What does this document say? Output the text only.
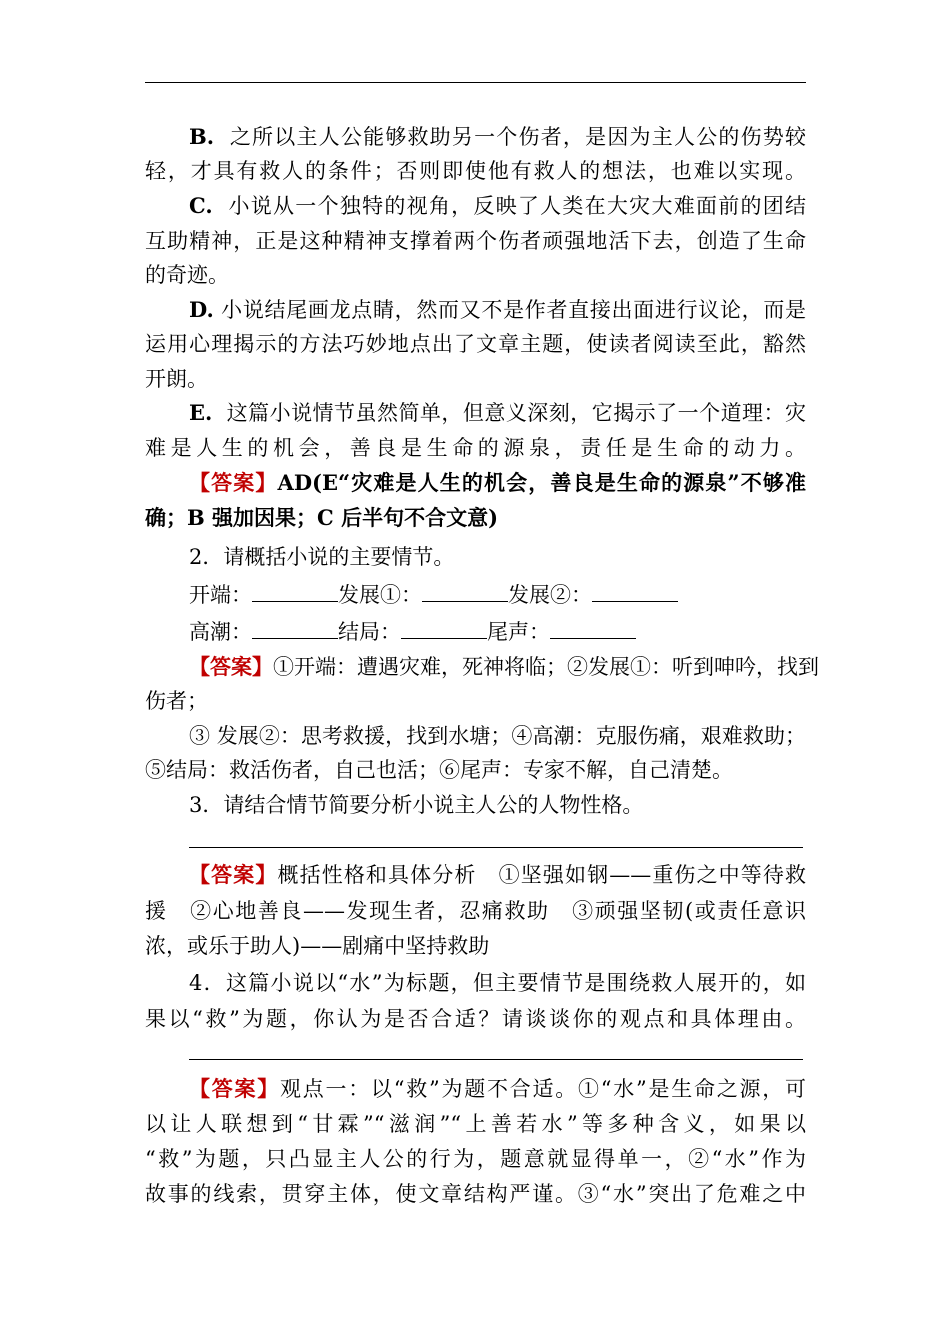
B. 之所以主人公能够救助另一个伤者，是因为主人公的伤势较
轻，才具有救人的条件；否则即使他有救人的想法，也难以实现。
C. 小说从一个独特的视角，反映了人类在大灾大难面前的团结
互助精神，正是这种精神支撑着两个伤者顽强地活下去，创造了生命
的奇迹。
D. 小说结尾画龙点睛，然而又不是作者直接出面进行议论，而是
运用心理揭示的方法巧妙地点出了文章主题，使读者阅读至此，豁然
开朗。
E. 这篇小说情节虽然简单，但意义深刻，它揭示了一个道理：灾
难是人生的机会，善良是生命的源泉，责任是生命的动力。
【答案】AD(E“灾难是人生的机会，善良是生命的源泉”不够准
确；B 强加因果；C 后半句不合文意)
2．请概括小说的主要情节。
开端：	发展①：	发展②：
高潮：	结局：	尾声：
【答案】①开端：遭遇灾难，死神将临；②发展①：听到呻吟，找到
伤者；
③ 发展②：思考救援，找到水塘；④高潮：克服伤痛，艰难救助；
⑤结局：救活伤者，自己也活；⑥尾声：专家不解，自己清楚。
3．请结合情节简要分析小说主人公的人物性格。
【答案】概括性格和具体分析　①坚强如钢——重伤之中等待救
援　②心地善良——发现生者，忍痛救助　③顽强坚韧(或责任意识
浓，或乐于助人)——剧痛中坚持救助
4．这篇小说以“水”为标题，但主要情节是围绕救人展开的，如
果以“救”为题，你认为是否合适？请谈谈你的观点和具体理由。
【答案】观点一：以“救”为题不合适。①“水”是生命之源，可
以让人联想到“甘霖”“滋润”“上善若水”等多种含义，如果以
“救”为题，只凸显主人公的行为，题意就显得单一，②“水”作为
故事的线索，贯穿主体，使文章结构严谨。③“水”突出了危难之中
